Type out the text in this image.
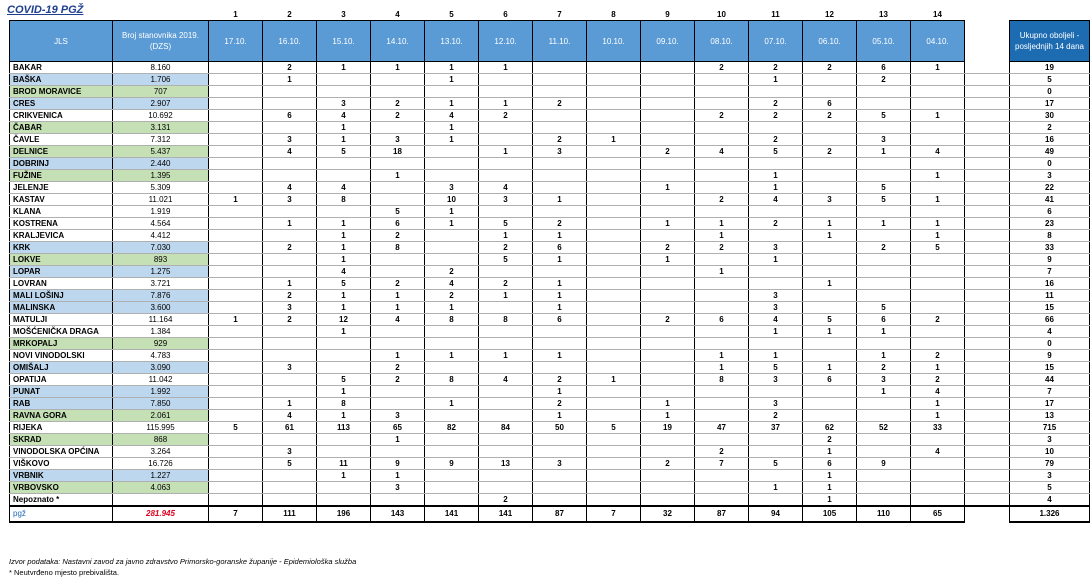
COVID-19 PGŽ
			1	2	3	4	5	6	7	8	9	10	11	12	13	14		
JLS	Broj stanovnika 2019. (DZS)	17.10.	16.10.	15.10.	14.10.	13.10.	12.10.	11.10.	10.10.	09.10.	08.10.	07.10.	06.10.	05.10.	04.10.		Ukupno oboljeli - posljednjih 14 dana
BAKAR	8.160		2	1	1	1	1				2	2	2	6	1		19
BAŠKA	1.706		1			1						1		2			5
BROD MORAVICE	707																0
CRES	2.907			3	2	1	1	2				2	6				17
CRIKVENICA	10.692		6	4	2	4	2				2	2	2	5	1		30
ČABAR	3.131			1		1											2
ČAVLE	7.312		3	1	3	1		2	1			2		3			16
DELNICE	5.437		4	5	18		1	3		2	4	5	2	1	4		49
DOBRINJ	2.440																0
FUŽINE	1.395				1							1			1		3
JELENJE	5.309		4	4		3	4			1		1		5			22
KASTAV	11.021	1	3	8		10	3	1			2	4	3	5	1		41
KLANA	1.919				5	1											6
KOSTRENA	4.564		1	1	6	1	5	2		1	1	2	1	1	1		23
KRALJEVICA	4.412			1	2		1	1			1		1		1		8
KRK	7.030		2	1	8		2	6		2	2	3		2	5		33
LOKVE	893			1			5	1		1		1					9
LOPAR	1.275			4		2					1						7
LOVRAN	3.721		1	5	2	4	2	1					1				16
MALI LOŠINJ	7.876		2	1	1	2	1	1				3					11
MALINSKA	3.600		3	1	1	1		1				3		5			15
MATULJI	11.164	1	2	12	4	8	8	6		2	6	4	5	6	2		66
MOŠĆENIČKA DRAGA	1.384			1								1	1	1			4
MRKOPALJ	929																0
NOVI VINODOLSKI	4.783				1	1	1	1			1	1		1	2		9
OMIŠALJ	3.090		3		2						1	5	1	2	1		15
OPATIJA	11.042			5	2	8	4	2	1		8	3	6	3	2		44
PUNAT	1.992			1				1						1	4		7
RAB	7.850		1	8		1		2		1		3			1		17
RAVNA GORA	2.061		4	1	3			1		1		2			1		13
RIJEKA	115.995	5	61	113	65	82	84	50	5	19	47	37	62	52	33		715
SKRAD	868				1								2				3
VINODOLSKA OPĆINA	3.264		3								2		1		4		10
VIŠKOVO	16.726		5	11	9	9	13	3		2	7	5	6	9			79
VRBNIK	1.227			1	1								1				3
VRBOVSKO	4.063				3							1	1				5
Nepoznato *							2						1				4
pgž	281.945	7	111	196	143	141	141	87	7	32	87	94	105	110	65		1.326
Izvor podataka: Nastavni zavod za javno zdravstvo Primorsko-goranske županije - Epidemiološka služba
* Neutvrđeno mjesto prebivališta.
